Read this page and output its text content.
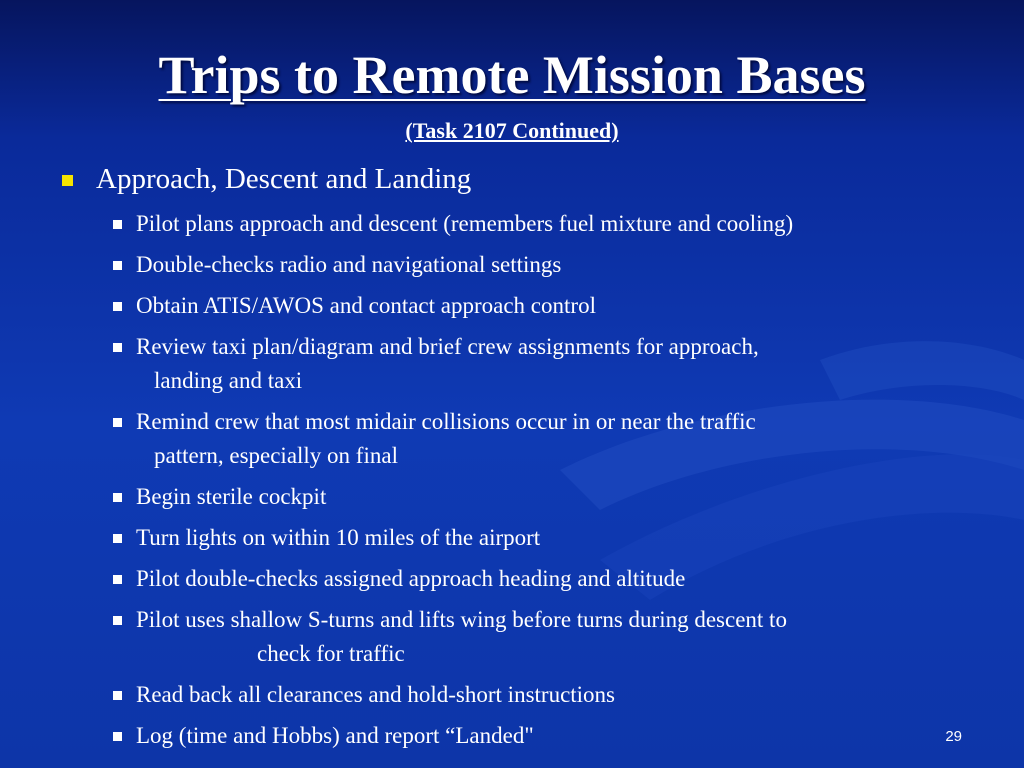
Trips to Remote Mission Bases
(Task 2107 Continued)
Approach, Descent and Landing
Pilot plans approach and descent (remembers fuel mixture and cooling)
Double-checks radio and navigational settings
Obtain ATIS/AWOS and contact approach control
Review taxi plan/diagram and brief crew assignments for approach,
landing and taxi
Remind crew that most midair collisions occur in or near the traffic
pattern, especially on final
Begin sterile cockpit
Turn lights on within 10 miles of the airport
Pilot double-checks assigned approach heading and altitude
Pilot uses shallow S-turns and lifts wing before turns during descent to
check for traffic
Read back all clearances and hold-short instructions
Log (time and Hobbs) and report “Landed"	29
